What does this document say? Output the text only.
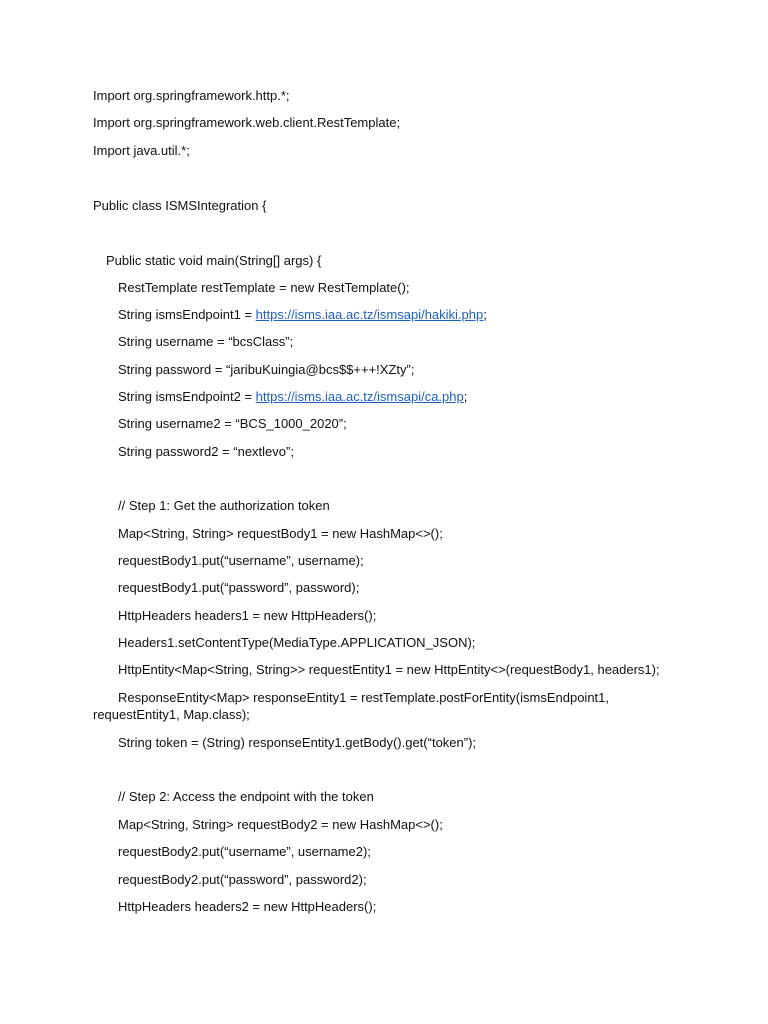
Import org.springframework.http.*;
Import org.springframework.web.client.RestTemplate;
Import java.util.*;
Public class ISMSIntegration {
Public static void main(String[] args) {
RestTemplate restTemplate = new RestTemplate();
String ismsEndpoint1 = https://isms.iaa.ac.tz/ismsapi/hakiki.php;
String username = “bcsClass”;
String password = “jaribuKuingia@bcs$$+++!XZty”;
String ismsEndpoint2 = https://isms.iaa.ac.tz/ismsapi/ca.php;
String username2 = “BCS_1000_2020”;
String password2 = “nextlevo”;
// Step 1: Get the authorization token
Map<String, String> requestBody1 = new HashMap<>();
requestBody1.put(“username”, username);
requestBody1.put(“password”, password);
HttpHeaders headers1 = new HttpHeaders();
Headers1.setContentType(MediaType.APPLICATION_JSON);
HttpEntity<Map<String, String>> requestEntity1 = new HttpEntity<>(requestBody1, headers1);
ResponseEntity<Map> responseEntity1 = restTemplate.postForEntity(ismsEndpoint1,
requestEntity1, Map.class);
String token = (String) responseEntity1.getBody().get(“token”);
// Step 2: Access the endpoint with the token
Map<String, String> requestBody2 = new HashMap<>();
requestBody2.put(“username”, username2);
requestBody2.put(“password”, password2);
HttpHeaders headers2 = new HttpHeaders();
